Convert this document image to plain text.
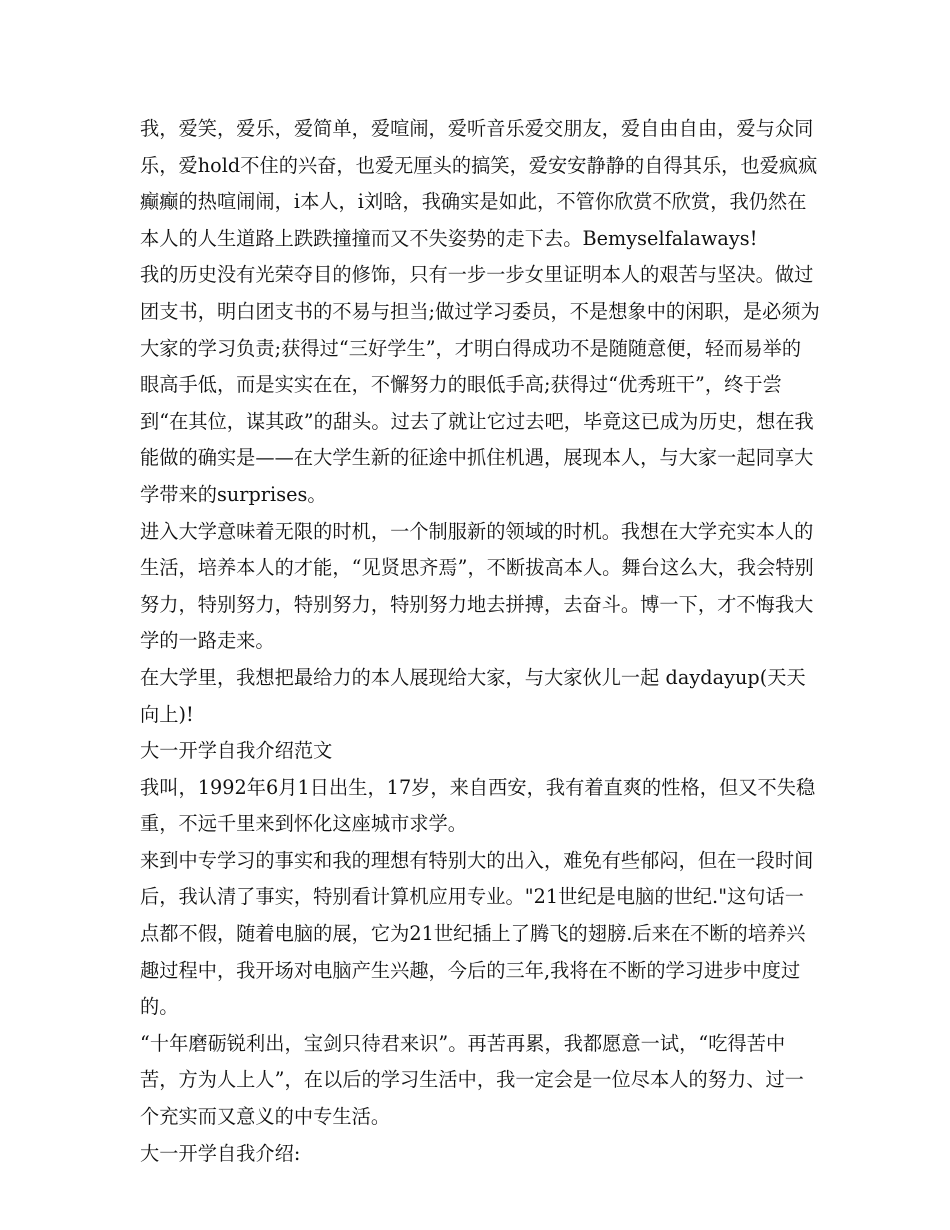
我，爱笑，爱乐，爱简单，爱喧闹，爱听音乐爱交朋友，爱自由自由，爱与众同乐，爱hold不住的兴奋，也爱无厘头的搞笑，爱安安静静的自得其乐，也爱疯疯癫癫的热喧闹闹，i本人，i刘晗，我确实是如此，不管你欣赏不欣赏，我仍然在本人的人生道路上跌跌撞撞而又不失姿势的走下去。Bemyselfalaways!

我的历史没有光荣夺目的修饰，只有一步一步女里证明本人的艰苦与坚决。做过团支书，明白团支书的不易与担当;做过学习委员，不是想象中的闲职，是必须为大家的学习负责;获得过“三好学生”，才明白得成功不是随随意便，轻而易举的眼高手低，而是实实在在，不懈努力的眼低手高;获得过“优秀班干”，终于尝到“在其位，谋其政”的甜头。过去了就让它过去吧，毕竟这已成为历史，想在我能做的确实是——在大学生新的征途中抓住机遇，展现本人，与大家一起同享大学带来的surprises。

进入大学意味着无限的时机，一个制服新的领域的时机。我想在大学充实本人的生活，培养本人的才能，“见贤思齐焉”，不断拔高本人。舞台这么大，我会特别努力，特别努力，特别努力，特别努力地去拼搏，去奋斗。博一下，才不悔我大学的一路走来。

在大学里，我想把最给力的本人展现给大家，与大家伙儿一起 daydayup(天天向上)!

大一开学自我介绍范文

我叫，1992年6月1日出生，17岁，来自西安，我有着直爽的性格，但又不失稳重，不远千里来到怀化这座城市求学。

来到中专学习的事实和我的理想有特别大的出入，难免有些郁闷，但在一段时间后，我认清了事实，特别看计算机应用专业。"21世纪是电脑的世纪."这句话一点都不假，随着电脑的展，它为21世纪插上了腾飞的翅膀.后来在不断的培养兴趣过程中，我开场对电脑产生兴趣，今后的三年,我将在不断的学习进步中度过的。

“十年磨砺锐利出，宝剑只待君来识”。再苦再累，我都愿意一试，“吃得苦中苦，方为人上人”，在以后的学习生活中，我一定会是一位尽本人的努力、过一个充实而又意义的中专生活。

大一开学自我介绍:
